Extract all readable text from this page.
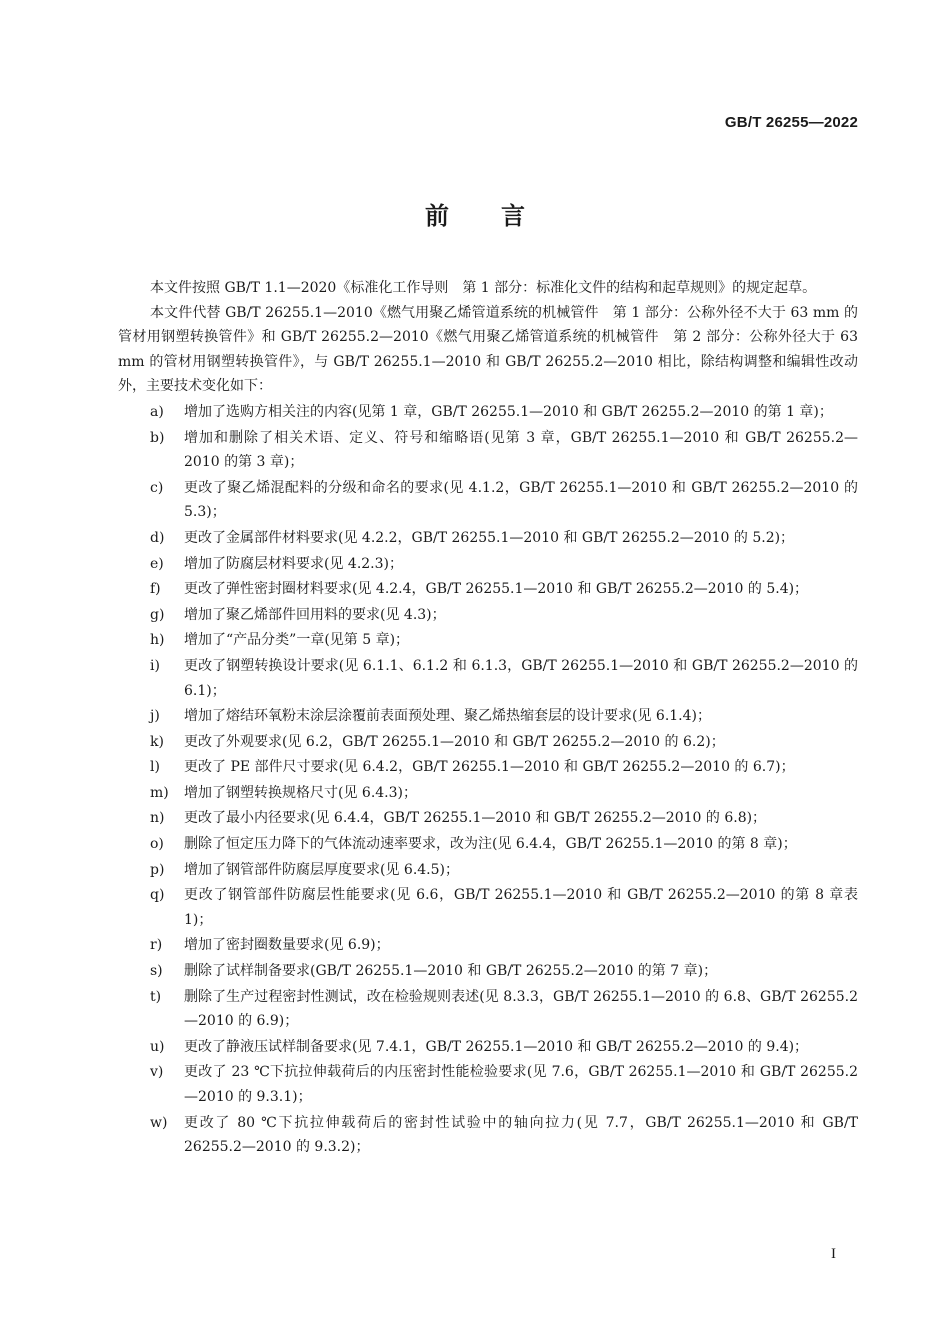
GB/T 26255—2022
前言

本文件按照 GB/T 1.1—2020《标准化工作导则　第 1 部分：标准化文件的结构和起草规则》的规定起草。

本文件代替 GB/T 26255.1—2010《燃气用聚乙烯管道系统的机械管件　第 1 部分：公称外径不大于 63 mm 的管材用钢塑转换管件》和 GB/T 26255.2—2010《燃气用聚乙烯管道系统的机械管件　第 2 部分：公称外径大于 63 mm 的管材用钢塑转换管件》，与 GB/T 26255.1—2010 和 GB/T 26255.2—2010 相比，除结构调整和编辑性改动外，主要技术变化如下：

a)	增加了选购方相关注的内容(见第 1 章，GB/T 26255.1—2010 和 GB/T 26255.2—2010 的第 1 章)；
b)	增加和删除了相关术语、定义、符号和缩略语(见第 3 章，GB/T 26255.1—2010 和 GB/T 26255.2—2010 的第 3 章)；
c)	更改了聚乙烯混配料的分级和命名的要求(见 4.1.2，GB/T 26255.1—2010 和 GB/T 26255.2—2010 的 5.3)；
d)	更改了金属部件材料要求(见 4.2.2，GB/T 26255.1—2010 和 GB/T 26255.2—2010 的 5.2)；
e)	增加了防腐层材料要求(见 4.2.3)；
f)	更改了弹性密封圈材料要求(见 4.2.4，GB/T 26255.1—2010 和 GB/T 26255.2—2010 的 5.4)；
g)	增加了聚乙烯部件回用料的要求(见 4.3)；
h)	增加了“产品分类”一章(见第 5 章)；
i)	更改了钢塑转换设计要求(见 6.1.1、6.1.2 和 6.1.3，GB/T 26255.1—2010 和 GB/T 26255.2—2010 的 6.1)；
j)	增加了熔结环氧粉末涂层涂覆前表面预处理、聚乙烯热缩套层的设计要求(见 6.1.4)；
k)	更改了外观要求(见 6.2，GB/T 26255.1—2010 和 GB/T 26255.2—2010 的 6.2)；
l)	更改了 PE 部件尺寸要求(见 6.4.2，GB/T 26255.1—2010 和 GB/T 26255.2—2010 的 6.7)；
m)	增加了钢塑转换规格尺寸(见 6.4.3)；
n)	更改了最小内径要求(见 6.4.4，GB/T 26255.1—2010 和 GB/T 26255.2—2010 的 6.8)；
o)	删除了恒定压力降下的气体流动速率要求，改为注(见 6.4.4，GB/T 26255.1—2010 的第 8 章)；
p)	增加了钢管部件防腐层厚度要求(见 6.4.5)；
q)	更改了钢管部件防腐层性能要求(见 6.6，GB/T 26255.1—2010 和 GB/T 26255.2—2010 的第 8 章表 1)；
r)	增加了密封圈数量要求(见 6.9)；
s)	删除了试样制备要求(GB/T 26255.1—2010 和 GB/T 26255.2—2010 的第 7 章)；
t)	删除了生产过程密封性测试，改在检验规则表述(见 8.3.3，GB/T 26255.1—2010 的 6.8、GB/T 26255.2—2010 的 6.9)；
u)	更改了静液压试样制备要求(见 7.4.1，GB/T 26255.1—2010 和 GB/T 26255.2—2010 的 9.4)；
v)	更改了 23 ℃下抗拉伸载荷后的内压密封性能检验要求(见 7.6，GB/T 26255.1—2010 和 GB/T 26255.2—2010 的 9.3.1)；
w)	更改了 80 ℃下抗拉伸载荷后的密封性试验中的轴向拉力(见 7.7，GB/T 26255.1—2010 和 GB/T 26255.2—2010 的 9.3.2)；
I
